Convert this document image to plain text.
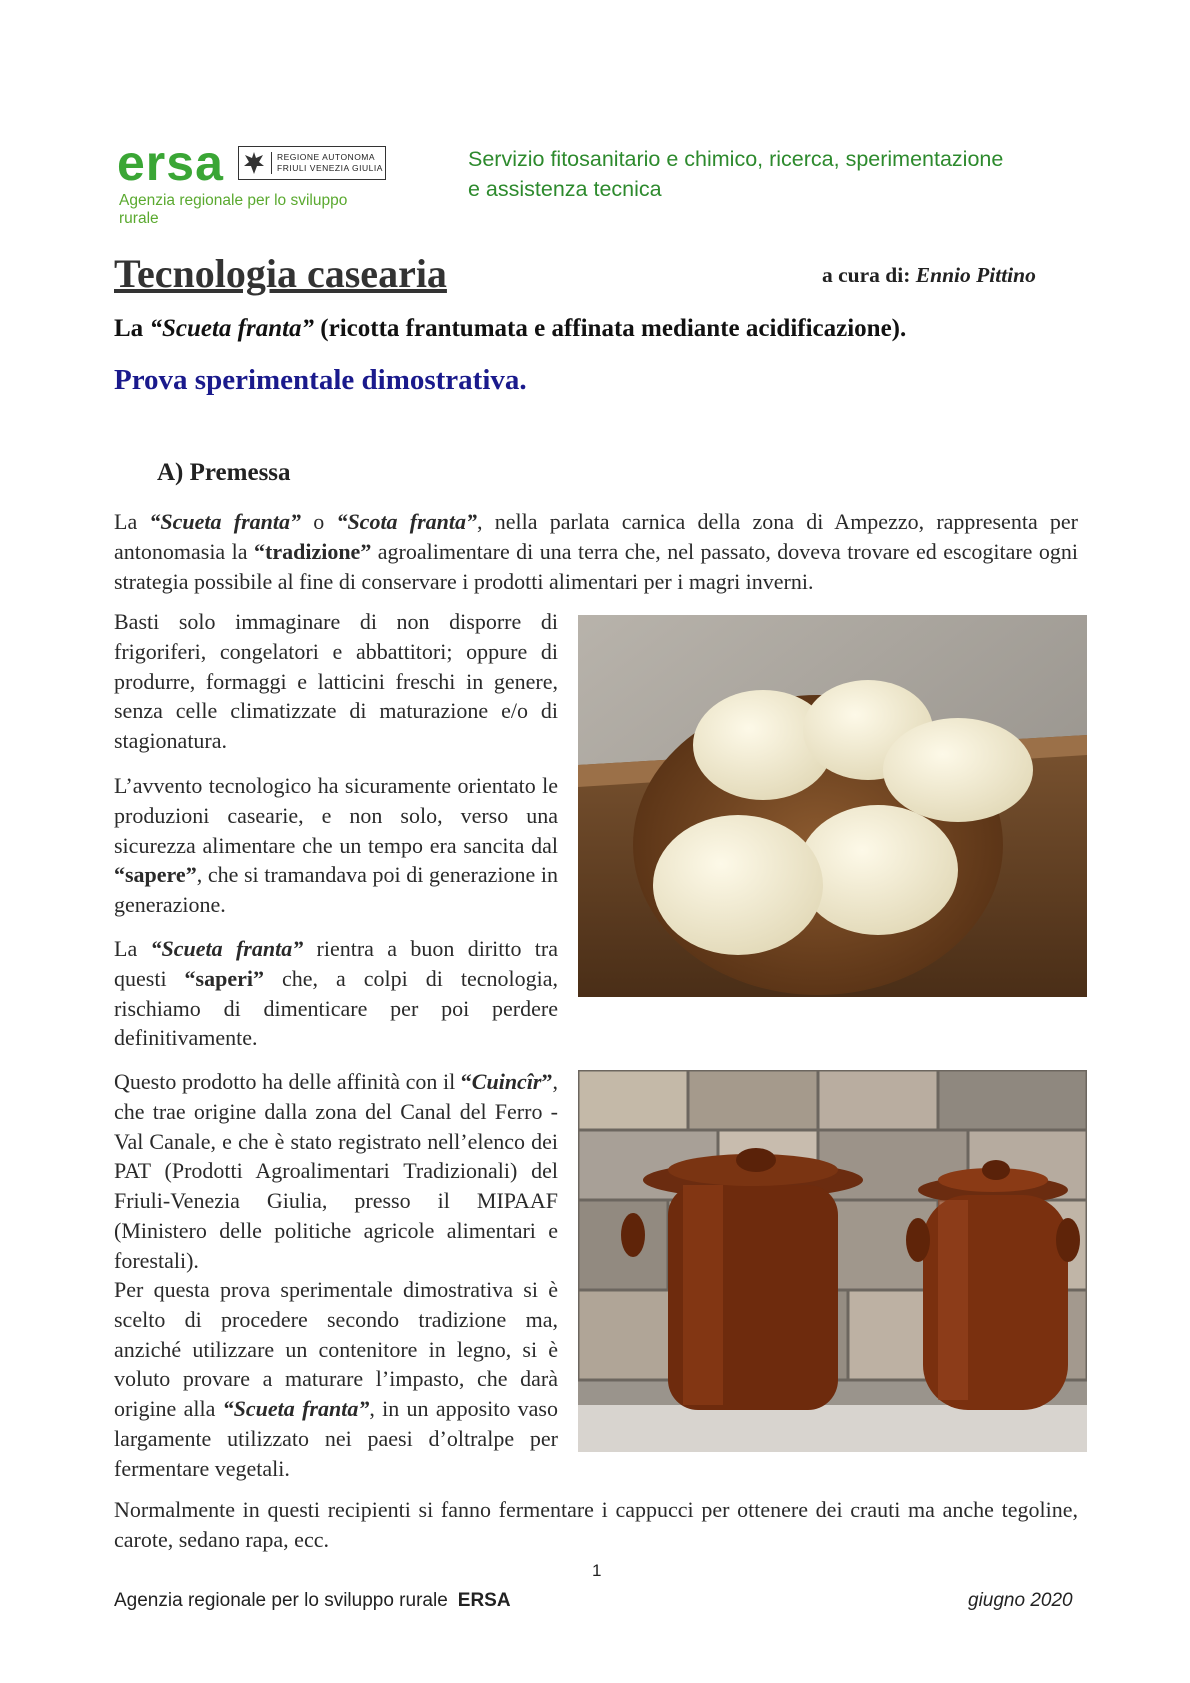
ersa	REGIONE AUTONOMA
FRIULI VENEZIA GIULIA
Agenzia regionale per lo sviluppo rurale
Servizio fitosanitario e chimico, ricerca, sperimentazione
e assistenza tecnica
Tecnologia casearia	a cura di: Ennio Pittino
La “Scueta franta” (ricotta frantumata e affinata mediante acidificazione).
Prova sperimentale dimostrativa.
A) Premessa

La “Scueta franta” o “Scota franta”, nella parlata carnica della zona di Ampezzo, rappresenta per antonomasia la “tradizione” agroalimentare di una terra che, nel passato, doveva trovare ed escogitare ogni strategia possibile al fine di conservare i prodotti alimentari per i magri inverni.

Basti solo immaginare di non disporre di frigoriferi, congelatori e abbattitori; oppure di produrre, formaggi e latticini freschi in genere, senza celle climatizzate di maturazione e/o di stagionatura.

L’avvento tecnologico ha sicuramente orientato le produzioni casearie, e non solo, verso una sicurezza alimentare che un tempo era sancita dal “sapere”, che si tramandava poi di generazione in generazione.

La “Scueta franta” rientra a buon diritto tra questi “saperi” che, a colpi di tecnologia, rischiamo di dimenticare per poi perdere definitivamente.

Questo prodotto ha delle affinità con il “Cuincîr”, che trae origine dalla zona del Canal del Ferro - Val Canale, e che è stato registrato nell’elenco dei PAT (Prodotti Agroalimentari Tradizionali) del Friuli-Venezia Giulia, presso il MIPAAF (Ministero delle politiche agricole alimentari e forestali).

Per questa prova sperimentale dimostrativa si è scelto di procedere secondo tradizione ma, anziché utilizzare un contenitore in legno, si è voluto provare a maturare l’impasto, che darà origine alla “Scueta franta”, in un apposito vaso largamente utilizzato nei paesi d’oltralpe per fermentare vegetali.

Normalmente in questi recipienti si fanno fermentare i cappucci per ottenere dei crauti ma anche tegoline, carote, sedano rapa, ecc.

1
Agenzia regionale per lo sviluppo rurale ERSA	giugno 2020
